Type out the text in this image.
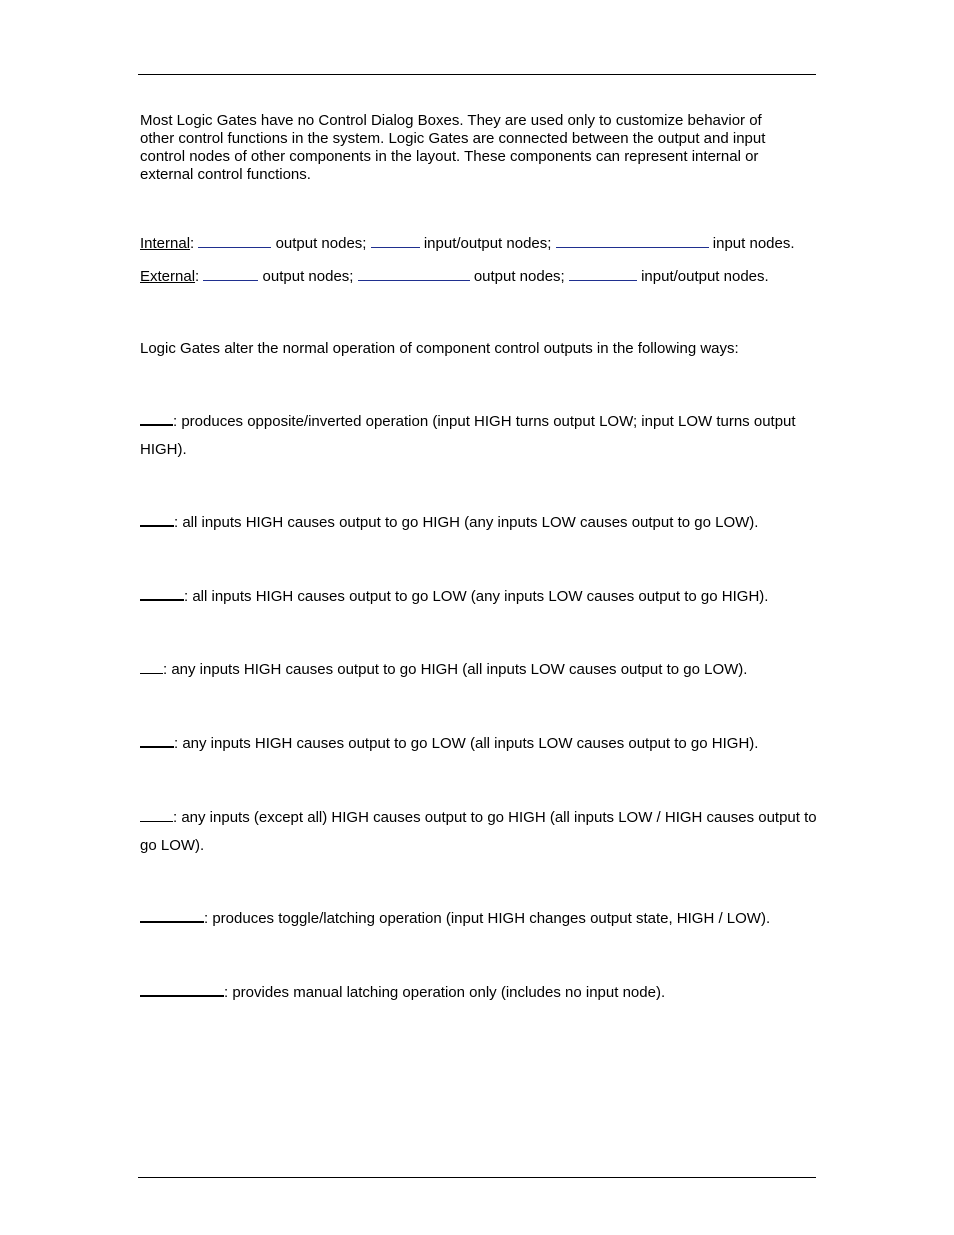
Most Logic Gates have no Control Dialog Boxes. They are used only to customize behavior of other control functions in the system. Logic Gates are connected between the output and input control nodes of other components in the layout. These components can represent internal or external control functions.
Internal:	output nodes;	input/output nodes;	input nodes.
External:	output nodes;	output nodes;	input/output nodes.
Logic Gates alter the normal operation of component control outputs in the following ways:
: produces opposite/inverted operation (input HIGH turns output LOW; input LOW turns output HIGH).
: all inputs HIGH causes output to go HIGH (any inputs LOW causes output to go LOW).
: all inputs HIGH causes output to go LOW (any inputs LOW causes output to go HIGH).
: any inputs HIGH causes output to go HIGH (all inputs LOW causes output to go LOW).
: any inputs HIGH causes output to go LOW (all inputs LOW causes output to go HIGH).
: any inputs (except all) HIGH causes output to go HIGH (all inputs LOW / HIGH causes output to go LOW).
: produces toggle/latching operation (input HIGH changes output state, HIGH / LOW).
: provides manual latching operation only (includes no input node).
